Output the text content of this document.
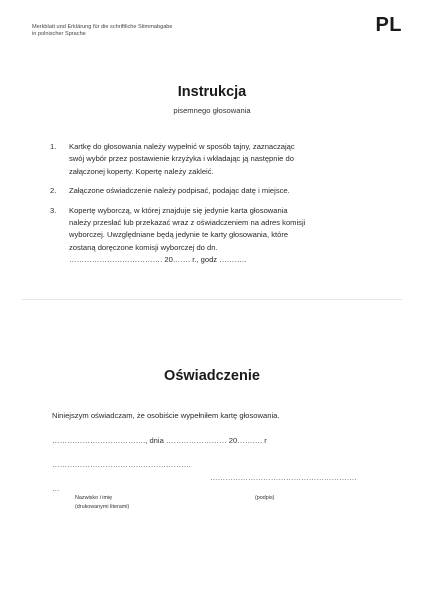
Merkblatt und Erklärung für die schriftliche Stimmabgabe
in polnischer Sprache	PL
Instrukcja
pisemnego głosowania
1.	Kartkę do głosowania należy wypełnić w sposób tajny, zaznaczając
swój wybór przez postawienie krzyżyka i wkładając ją następnie do
załączonej koperty. Kopertę należy zakleić.
2.	Załączone oświadczenie należy podpisać, podając datę i miejsce.
3.	Kopertę wyborczą, w której znajduje się jedynie karta głosowania
należy przesłać lub przekazać wraz z oświadczeniem na adres komisji
wyborczej. Uwzględniane będą jedynie te karty głosowania, które
zostaną doręczone komisji wyborczej do dn.
………………………………. 20……. r., godz ………..
Oświadczenie
Niniejszym oświadczam, że osobiście wypełniłem kartę głosowania.
………………………………., dnia …………………… 20………. r
……………………………………………….
………………………………………………….
…
Nazwisko i imię
(drukowanymi literami)
(podpis)
